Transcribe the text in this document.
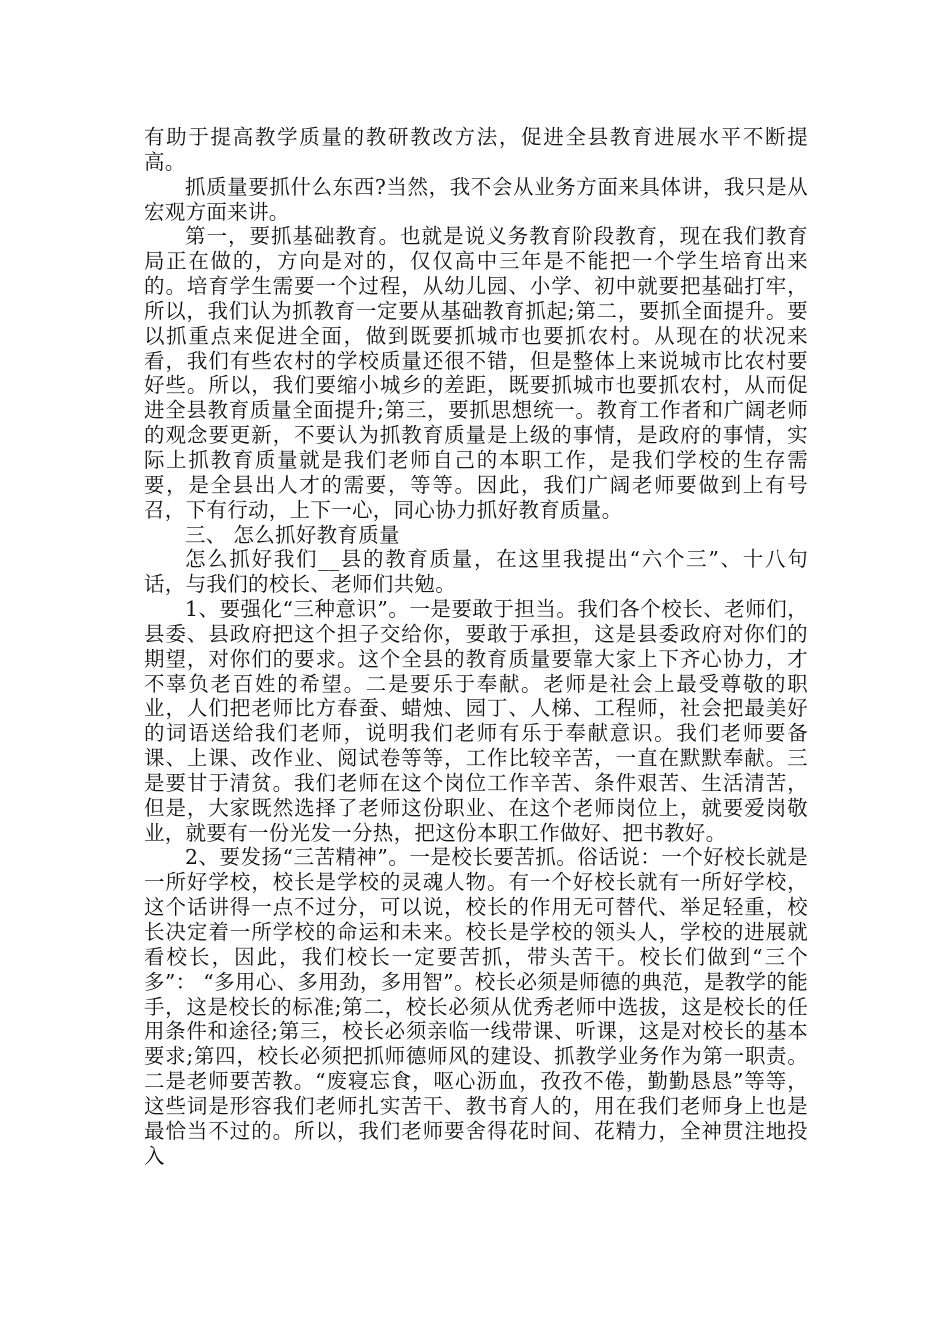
有助于提高教学质量的教研教改方法，促进全县教育进展水平不断提高。

抓质量要抓什么东西?当然，我不会从业务方面来具体讲，我只是从宏观方面来讲。

第一，要抓基础教育。也就是说义务教育阶段教育，现在我们教育局正在做的，方向是对的，仅仅高中三年是不能把一个学生培育出来的。培育学生需要一个过程，从幼儿园、小学、初中就要把基础打牢，所以，我们认为抓教育一定要从基础教育抓起;第二，要抓全面提升。要以抓重点来促进全面，做到既要抓城市也要抓农村。从现在的状况来看，我们有些农村的学校质量还很不错，但是整体上来说城市比农村要好些。所以，我们要缩小城乡的差距，既要抓城市也要抓农村，从而促进全县教育质量全面提升;第三，要抓思想统一。教育工作者和广阔老师的观念要更新，不要认为抓教育质量是上级的事情，是政府的事情，实际上抓教育质量就是我们老师自己的本职工作，是我们学校的生存需要，是全县出人才的需要，等等。因此，我们广阔老师要做到上有号召，下有行动，上下一心，同心协力抓好教育质量。

三、 怎么抓好教育质量

怎么抓好我们__县的教育质量，在这里我提出“六个三”、十八句话，与我们的校长、老师们共勉。

1、要强化“三种意识”。一是要敢于担当。我们各个校长、老师们，县委、县政府把这个担子交给你，要敢于承担，这是县委政府对你们的期望，对你们的要求。这个全县的教育质量要靠大家上下齐心协力，才不辜负老百姓的希望。二是要乐于奉献。老师是社会上最受尊敬的职业，人们把老师比方春蚕、蜡烛、园丁、人梯、工程师，社会把最美好的词语送给我们老师，说明我们老师有乐于奉献意识。我们老师要备课、上课、改作业、阅试卷等等，工作比较辛苦，一直在默默奉献。三是要甘于清贫。我们老师在这个岗位工作辛苦、条件艰苦、生活清苦，但是，大家既然选择了老师这份职业、在这个老师岗位上，就要爱岗敬业，就要有一份光发一分热，把这份本职工作做好、把书教好。

2、要发扬“三苦精神”。一是校长要苦抓。俗话说：一个好校长就是一所好学校，校长是学校的灵魂人物。有一个好校长就有一所好学校，这个话讲得一点不过分，可以说，校长的作用无可替代、举足轻重，校长决定着一所学校的命运和未来。校长是学校的领头人，学校的进展就看校长，因此，我们校长一定要苦抓，带头苦干。校长们做到“三个多”： “多用心、多用劲，多用智”。校长必须是师德的典范，是教学的能手，这是校长的标准;第二，校长必须从优秀老师中选拔，这是校长的任用条件和途径;第三，校长必须亲临一线带课、听课，这是对校长的基本要求;第四，校长必须把抓师德师风的建设、抓教学业务作为第一职责。二是老师要苦教。“废寝忘食，呕心沥血，孜孜不倦，勤勤恳恳”等等，这些词是形容我们老师扎实苦干、教书育人的，用在我们老师身上也是最恰当不过的。所以，我们老师要舍得花时间、花精力，全神贯注地投入
